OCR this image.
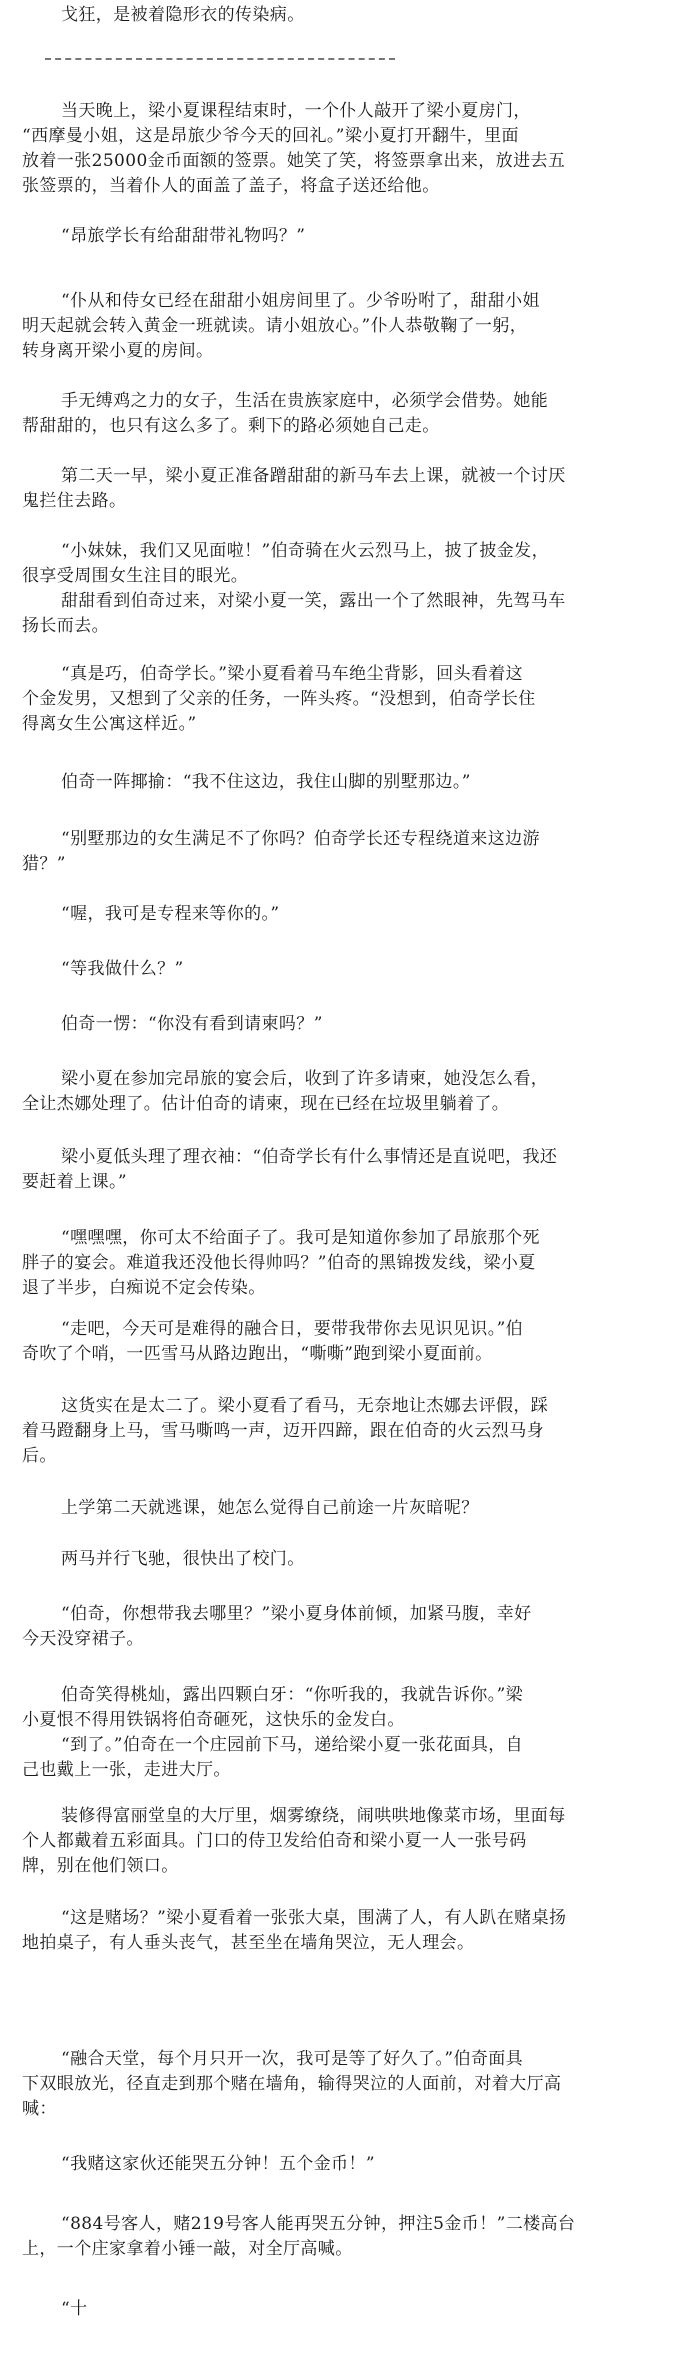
戈狂，是被着隐形衣的传染病。
当天晚上，梁小夏课程结束时，一个仆人敲开了梁小夏房门，
“西摩曼小姐，这是昂旅少爷今天的回礼。”梁小夏打开翻牛，里面
放着一张25000金币面额的签票。她笑了笑，将签票拿出来，放进去五
张签票的，当着仆人的面盖了盖子，将盒子送还给他。
“昂旅学长有给甜甜带礼物吗？”
“仆从和侍女已经在甜甜小姐房间里了。少爷吩咐了，甜甜小姐
明天起就会转入黄金一班就读。请小姐放心。”仆人恭敬鞠了一躬，
转身离开梁小夏的房间。
手无缚鸡之力的女子，生活在贵族家庭中，必须学会借势。她能
帮甜甜的，也只有这么多了。剩下的路必须她自己走。
第二天一早，梁小夏正准备蹭甜甜的新马车去上课，就被一个讨厌
鬼拦住去路。
“小妹妹，我们又见面啦！”伯奇骑在火云烈马上，披了披金发，
很享受周围女生注目的眼光。
甜甜看到伯奇过来，对梁小夏一笑，露出一个了然眼神，先驾马车
扬长而去。
“真是巧，伯奇学长。”梁小夏看着马车绝尘背影，回头看着这
个金发男，又想到了父亲的任务，一阵头疼。“没想到，伯奇学长住
得离女生公寓这样近。”
伯奇一阵揶揄：“我不住这边，我住山脚的别墅那边。”
“别墅那边的女生满足不了你吗？伯奇学长还专程绕道来这边游
猎？”
“喔，我可是专程来等你的。”
“等我做什么？”
伯奇一愣：“你没有看到请柬吗？”
梁小夏在参加完昂旅的宴会后，收到了许多请柬，她没怎么看，
全让杰娜处理了。估计伯奇的请柬，现在已经在垃圾里躺着了。
梁小夏低头理了理衣袖：“伯奇学长有什么事情还是直说吧，我还
要赶着上课。”
“嘿嘿嘿，你可太不给面子了。我可是知道你参加了昂旅那个死
胖子的宴会。难道我还没他长得帅吗？”伯奇的黑锦拨发线，梁小夏
退了半步，白痴说不定会传染。
“走吧，今天可是难得的融合日，要带我带你去见识见识。”伯
奇吹了个哨，一匹雪马从路边跑出，“嘶嘶”跑到梁小夏面前。
这货实在是太二了。梁小夏看了看马，无奈地让杰娜去评假，踩
着马蹬翻身上马，雪马嘶鸣一声，迈开四蹄，跟在伯奇的火云烈马身
后。
上学第二天就逃课，她怎么觉得自己前途一片灰暗呢？
两马并行飞驰，很快出了校门。
“伯奇，你想带我去哪里？”梁小夏身体前倾，加紧马腹，幸好
今天没穿裙子。
伯奇笑得桃灿，露出四颗白牙：“你听我的，我就告诉你。”梁
小夏恨不得用铁锅将伯奇砸死，这快乐的金发白。
“到了。”伯奇在一个庄园前下马，递给梁小夏一张花面具，自
己也戴上一张，走进大厅。
装修得富丽堂皇的大厅里，烟雾缭绕，闹哄哄地像菜市场，里面每
个人都戴着五彩面具。门口的侍卫发给伯奇和梁小夏一人一张号码
牌，别在他们领口。
“这是赌场？”梁小夏看着一张张大桌，围满了人，有人趴在赌桌扬
地拍桌子，有人垂头丧气，甚至坐在墙角哭泣，无人理会。
“融合天堂，每个月只开一次，我可是等了好久了。”伯奇面具
下双眼放光，径直走到那个赌在墙角，输得哭泣的人面前，对着大厅高
喊：
“我赌这家伙还能哭五分钟！五个金币！”
“884号客人，赌219号客人能再哭五分钟，押注5金币！”二楼高台
上，一个庄家拿着小锤一敲，对全厅高喊。
“十
